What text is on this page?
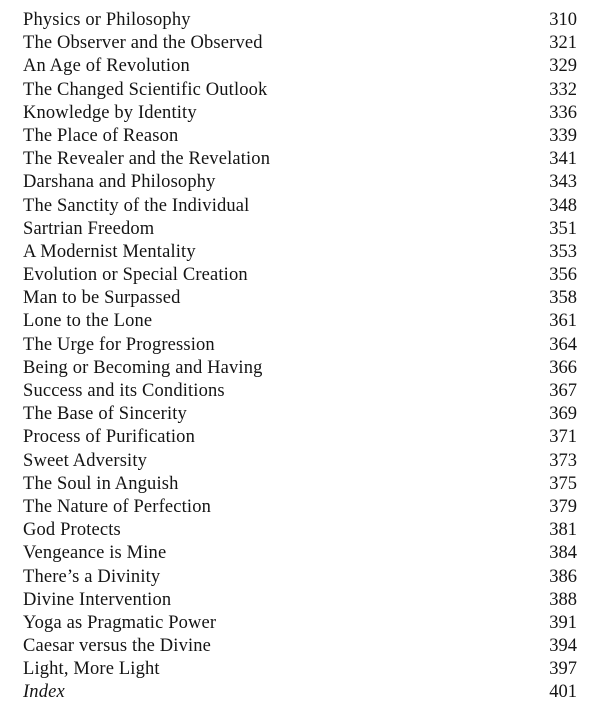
Physics or Philosophy	310
The Observer and the Observed	321
An Age of Revolution	329
The Changed Scientific Outlook	332
Knowledge by Identity	336
The Place of Reason	339
The Revealer and the Revelation	341
Darshana and Philosophy	343
The Sanctity of the Individual	348
Sartrian Freedom	351
A Modernist Mentality	353
Evolution or Special Creation	356
Man to be Surpassed	358
Lone to the Lone	361
The Urge for Progression	364
Being or Becoming and Having	366
Success and its Conditions	367
The Base of Sincerity	369
Process of Purification	371
Sweet Adversity	373
The Soul in Anguish	375
The Nature of Perfection	379
God Protects	381
Vengeance is Mine	384
There’s a Divinity	386
Divine Intervention	388
Yoga as Pragmatic Power	391
Caesar versus the Divine	394
Light, More Light	397
Index	401
